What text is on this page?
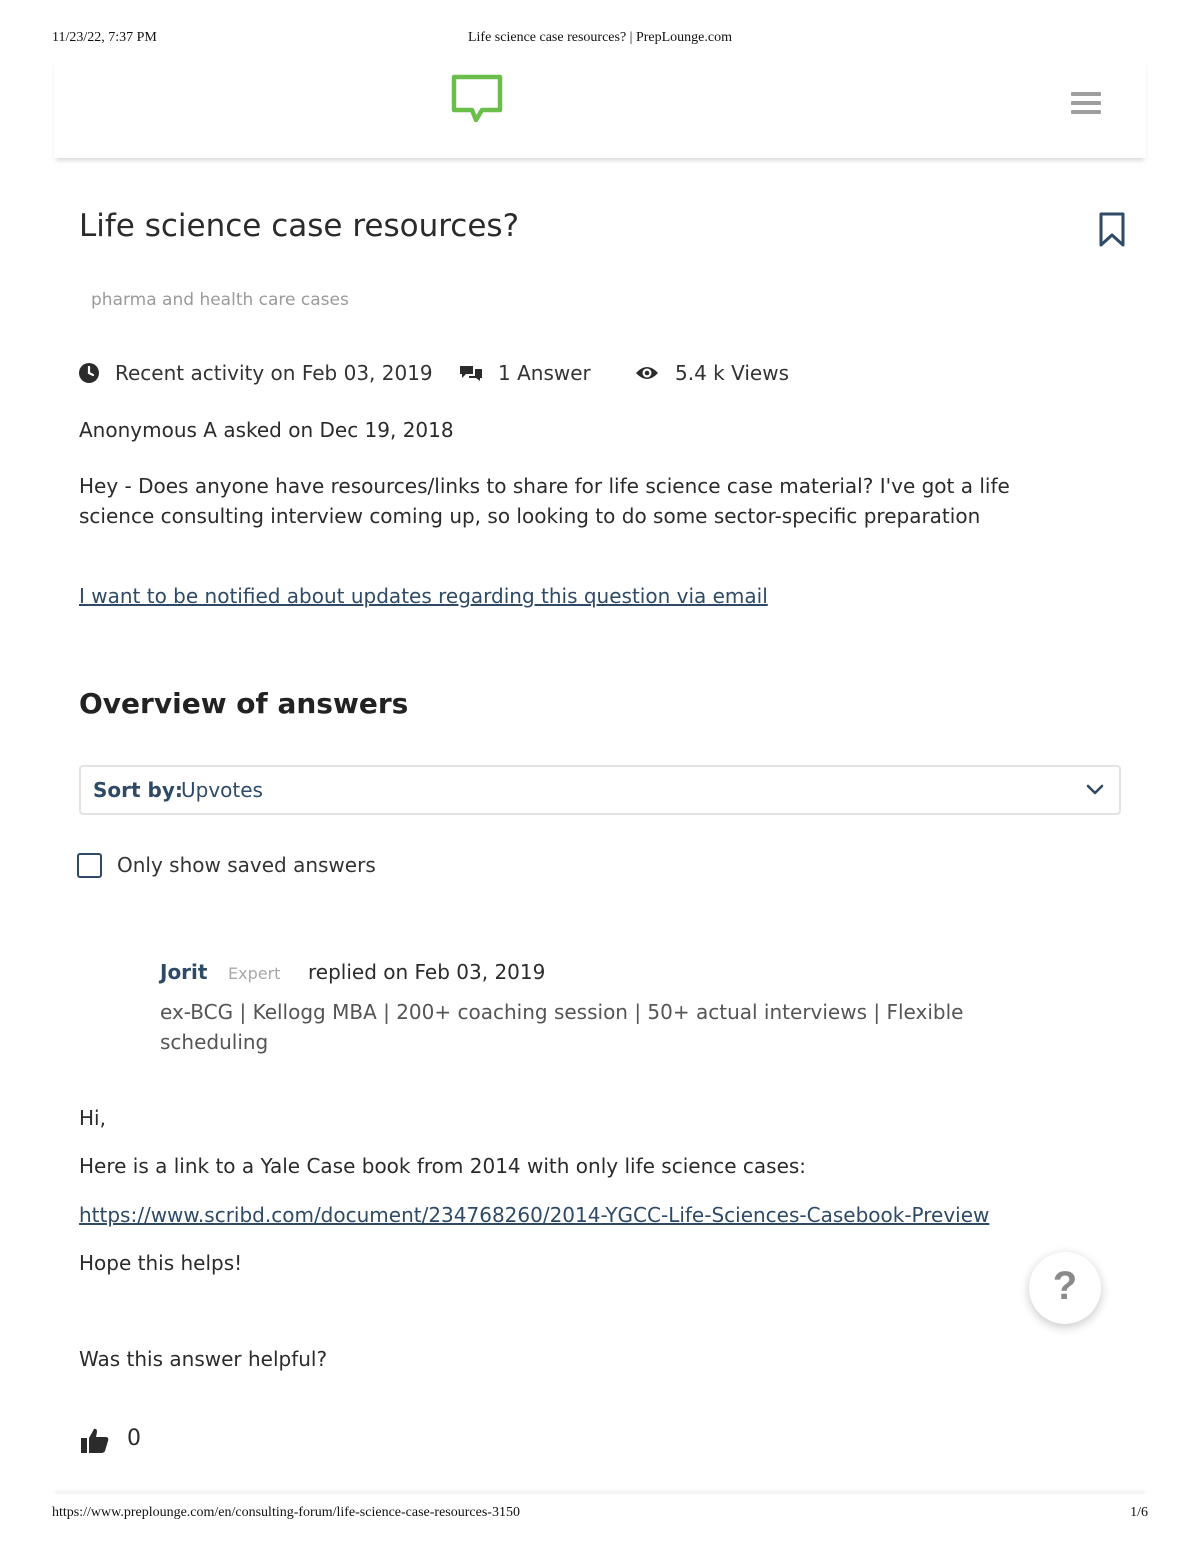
11/23/22, 7:37 PM	Life science case resources? | PrepLounge.com
Life science case resources?
pharma and health care cases
Recent activity on Feb 03, 2019	1 Answer	5.4 k Views
Anonymous A asked on Dec 19, 2018

Hey - Does anyone have resources/links to share for life science case material? I've got a life science consulting interview coming up, so looking to do some sector-specific preparation

I want to be notified about updates regarding this question via email
Overview of answers
Sort by:
Upvotes
Only show saved answers
Jorit Expert replied on Feb 03, 2019

ex-BCG | Kellogg MBA | 200+ coaching session | 50+ actual interviews | Flexible scheduling

Hi,

Here is a link to a Yale Case book from 2014 with only life science cases:

https://www.scribd.com/document/234768260/2014-YGCC-Life-Sciences-Casebook-Preview

Hope this helps!

?
Was this answer helpful?
0
https://www.preplounge.com/en/consulting-forum/life-science-case-resources-3150	1/6
